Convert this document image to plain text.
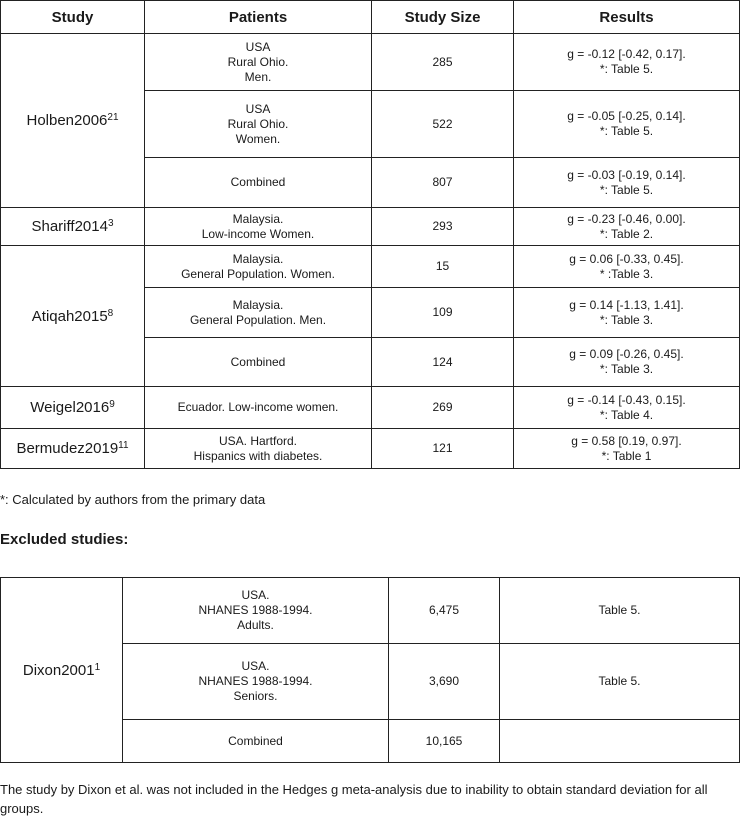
Study	Patients	Study Size	Results
Holben2006$^{21}$	USA
Rural Ohio.
Men.	285	g = -0.12 [-0.42, 0.17].
*: Table 5.
	USA
Rural Ohio.
Women.	522	g = -0.05 [-0.25, 0.14].
*: Table 5.
	Combined	807	g = -0.03 [-0.19, 0.14].
*: Table 5.
Shariff2014$^3$	Malaysia.
Low-income Women.	293	g = -0.23 [-0.46, 0.00].
*: Table 2.
Atiqah2015$^8$	Malaysia.
General Population. Women.	15	g = 0.06 [-0.33, 0.45].
* :Table 3.
	Malaysia.
General Population. Men.	109	g = 0.14 [-1.13, 1.41].
*: Table 3.
	Combined	124	g = 0.09 [-0.26, 0.45].
*: Table 3.
Weigel2016$^9$	Ecuador. Low-income women.	269	g = -0.14 [-0.43, 0.15].
*: Table 4.
Bermudez2019$^{11}$	USA. Hartford.
Hispanics with diabetes.	121	g = 0.58 [0.19, 0.97].
*: Table 1
*: Calculated by authors from the primary data
Excluded studies:
Dixon2001$^1$	USA.
NHANES 1988-1994.
Adults.	6,475	Table 5.
	USA.
NHANES 1988-1994.
Seniors.	3,690	Table 5.
	Combined	10,165	
The study by Dixon et al. was not included in the Hedges g meta-analysis due to inability to obtain standard deviation for all groups.
